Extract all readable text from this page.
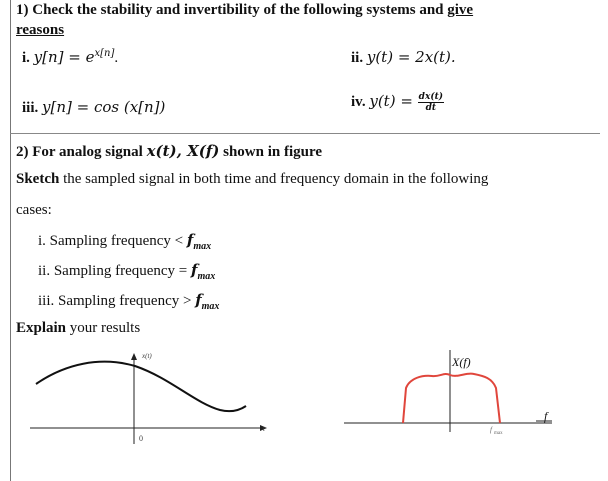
1) Check the stability and invertibility of the following systems and give
reasons
i. $y[n] = e^{x[n]}$.	ii. y(t) = 2x(t).
iii. y[n] = cos (x[n])	iv. $y(t) = \frac{dx(t)}{dt}$
2) For analog signal x(t), X(f) shown in figure
Sketch the sampled signal in both time and frequency domain in the following
cases:
i. Sampling frequency < $f_{max}$
ii. Sampling frequency = $f_{max}$
iii. Sampling frequency > $f_{max}$
Explain your results
x(t)
t
0
X(f)
f
f max
